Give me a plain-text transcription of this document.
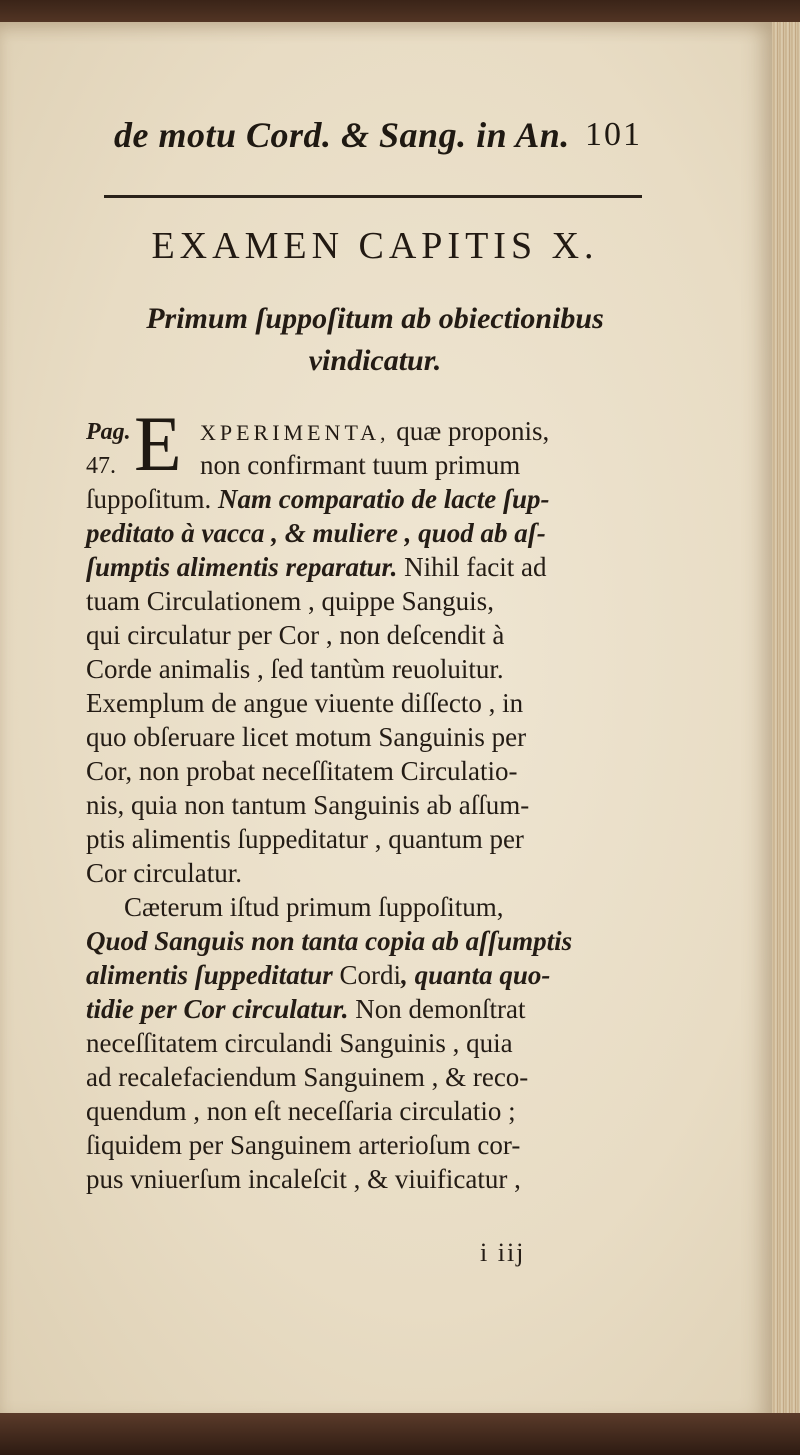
de motu Cord. & Sang. in An. 101
EXAMEN CAPITIS X.
Primum ſuppoſitum ab obiectionibus
vindicatur.
Pag.
47. E XPERIMENTA, quæ proponis,
non confirmant tuum primum
ſuppoſitum. Nam comparatio de lacte ſup-
peditato à vacca , & muliere , quod ab aſ-
ſumptis alimentis reparatur. Nihil facit ad
tuam Circulationem , quippe Sanguis,
qui circulatur per Cor , non deſcendit à
Corde animalis , ſed tantùm reuoluitur.
Exemplum de angue viuente diſſecto , in
quo obſeruare licet motum Sanguinis per
Cor, non probat neceſſitatem Circulatio-
nis, quia non tantum Sanguinis ab aſſum-
ptis alimentis ſuppeditatur , quantum per
Cor circulatur.
Cæterum iſtud primum ſuppoſitum,
Quod Sanguis non tanta copia ab aſſumptis
alimentis ſuppeditatur Cordi, quanta quo-
tidie per Cor circulatur. Non demonſtrat
neceſſitatem circulandi Sanguinis , quia
ad recalefaciendum Sanguinem , & reco-
quendum , non eſt neceſſaria circulatio ;
ſiquidem per Sanguinem arterioſum cor-
pus vniuerſum incaleſcit , & viuificatur ,
i iij
